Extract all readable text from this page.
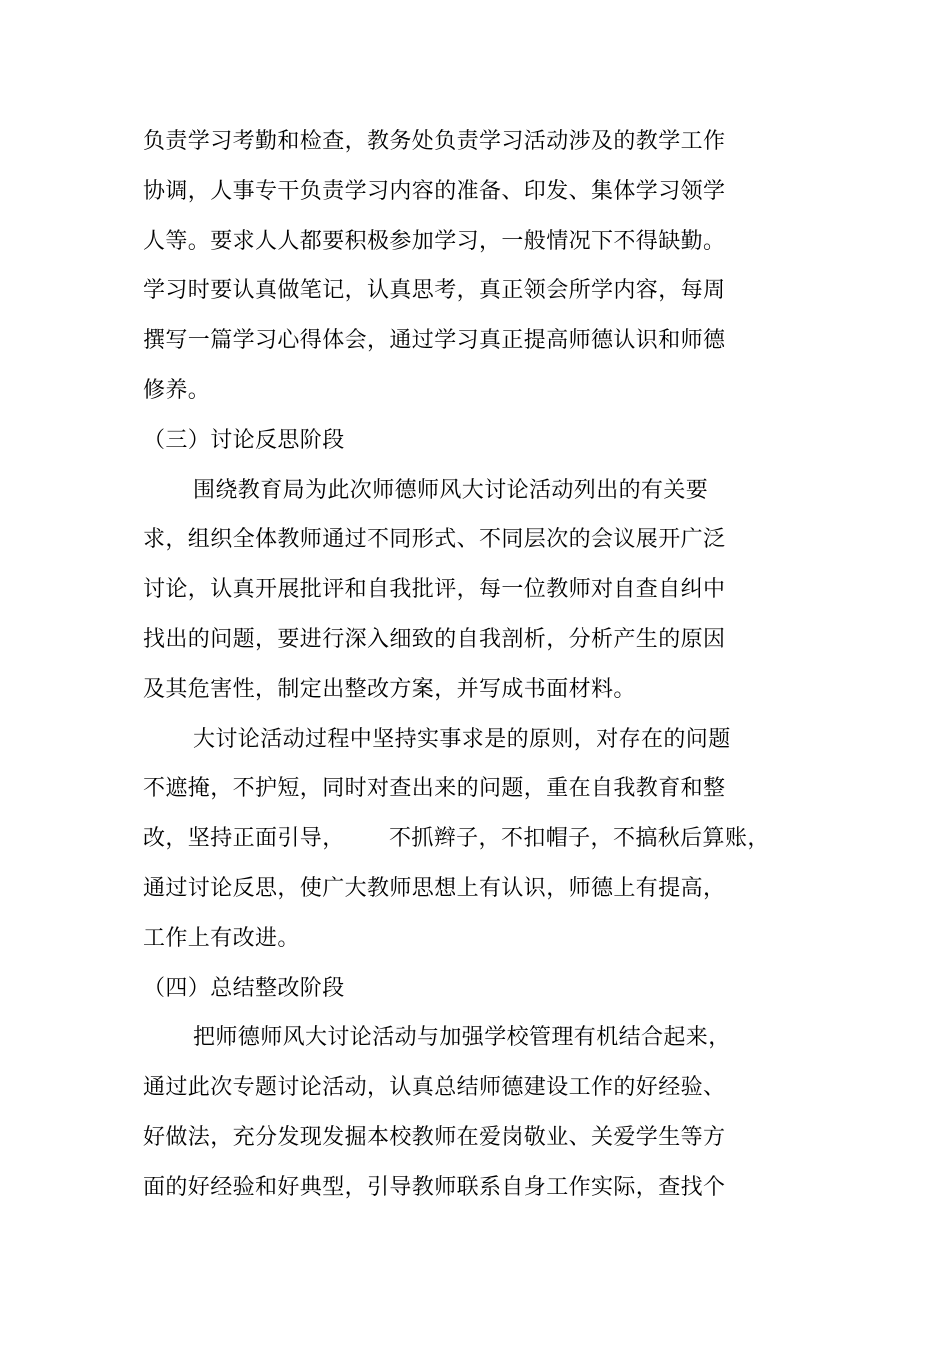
负责学习考勤和检查，教务处负责学习活动涉及的教学工作
协调，人事专干负责学习内容的准备、印发、集体学习领学
人等。要求人人都要积极参加学习，一般情况下不得缺勤。
学习时要认真做笔记，认真思考，真正领会所学内容，每周
撰写一篇学习心得体会，通过学习真正提高师德认识和师德
修养。
（三）讨论反思阶段
围绕教育局为此次师德师风大讨论活动列出的有关要
求，组织全体教师通过不同形式、不同层次的会议展开广泛
讨论，认真开展批评和自我批评，每一位教师对自查自纠中
找出的问题，要进行深入细致的自我剖析，分析产生的原因
及其危害性，制定出整改方案，并写成书面材料。
大讨论活动过程中坚持实事求是的原则，对存在的问题
不遮掩，不护短，同时对查出来的问题，重在自我教育和整
改，坚持正面引导，      不抓辫子，不扣帽子，不搞秋后算账，
通过讨论反思，使广大教师思想上有认识，师德上有提高，
工作上有改进。
（四）总结整改阶段
把师德师风大讨论活动与加强学校管理有机结合起来，
通过此次专题讨论活动，认真总结师德建设工作的好经验、
好做法，充分发现发掘本校教师在爱岗敬业、关爱学生等方
面的好经验和好典型，引导教师联系自身工作实际，查找个
